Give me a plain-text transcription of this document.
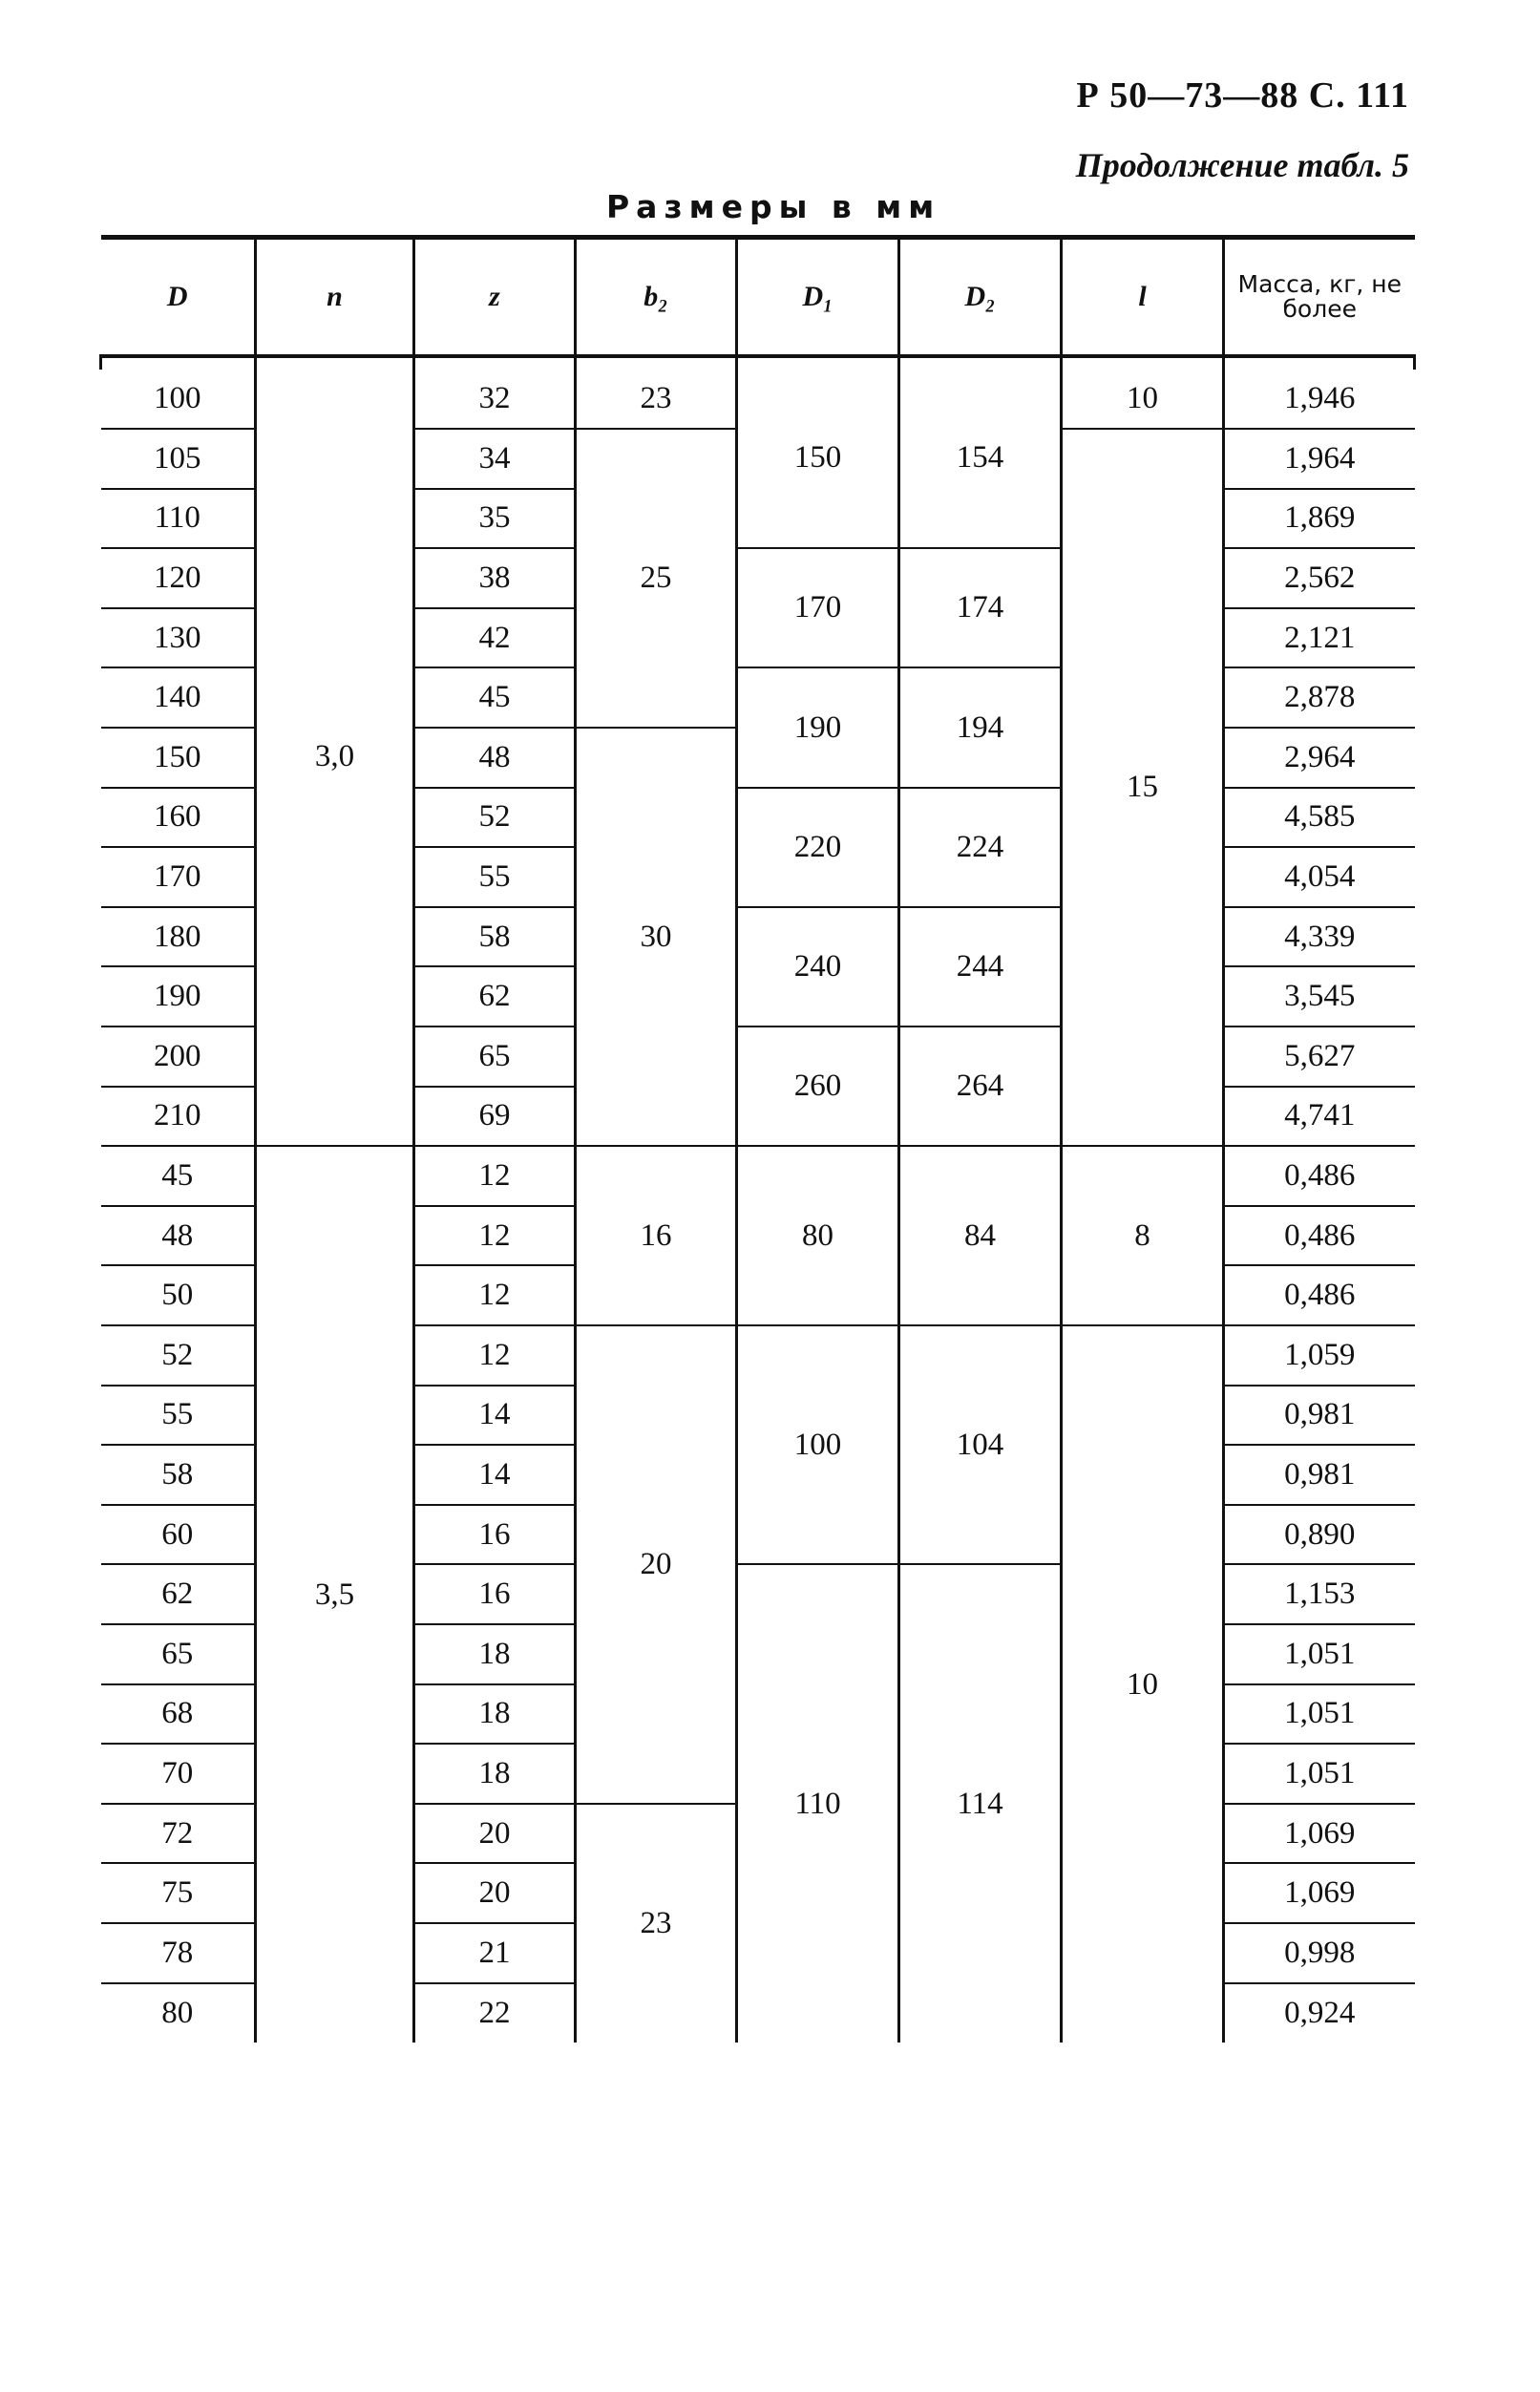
Р 50—73—88 С. 111
Продолжение табл. 5
Размеры в мм
D	n	z	b₂	D₁	D₂	l	Масса, кг, не более

100	3,0	32	23	150	154	10	1,946
105		34	25			15	1,964
110		35					1,869
120		38		170	174		2,562
130		42					2,121
140		45		190	194		2,878
150		48	30				2,964
160		52		220	224		4,585
170		55					4,054
180		58		240	244		4,339
190		62					3,545
200		65		260	264		5,627
210		69					4,741
45	3,5	12	16	80	84	8	0,486
48		12					0,486
50		12					0,486
52		12	20	100	104	10	1,059
55		14					0,981
58		14					0,981
60		16					0,890
62		16		110	114		1,153
65		18					1,051
68		18					1,051
70		18					1,051
72		20	23				1,069
75		20					1,069
78		21					0,998
80		22					0,924
